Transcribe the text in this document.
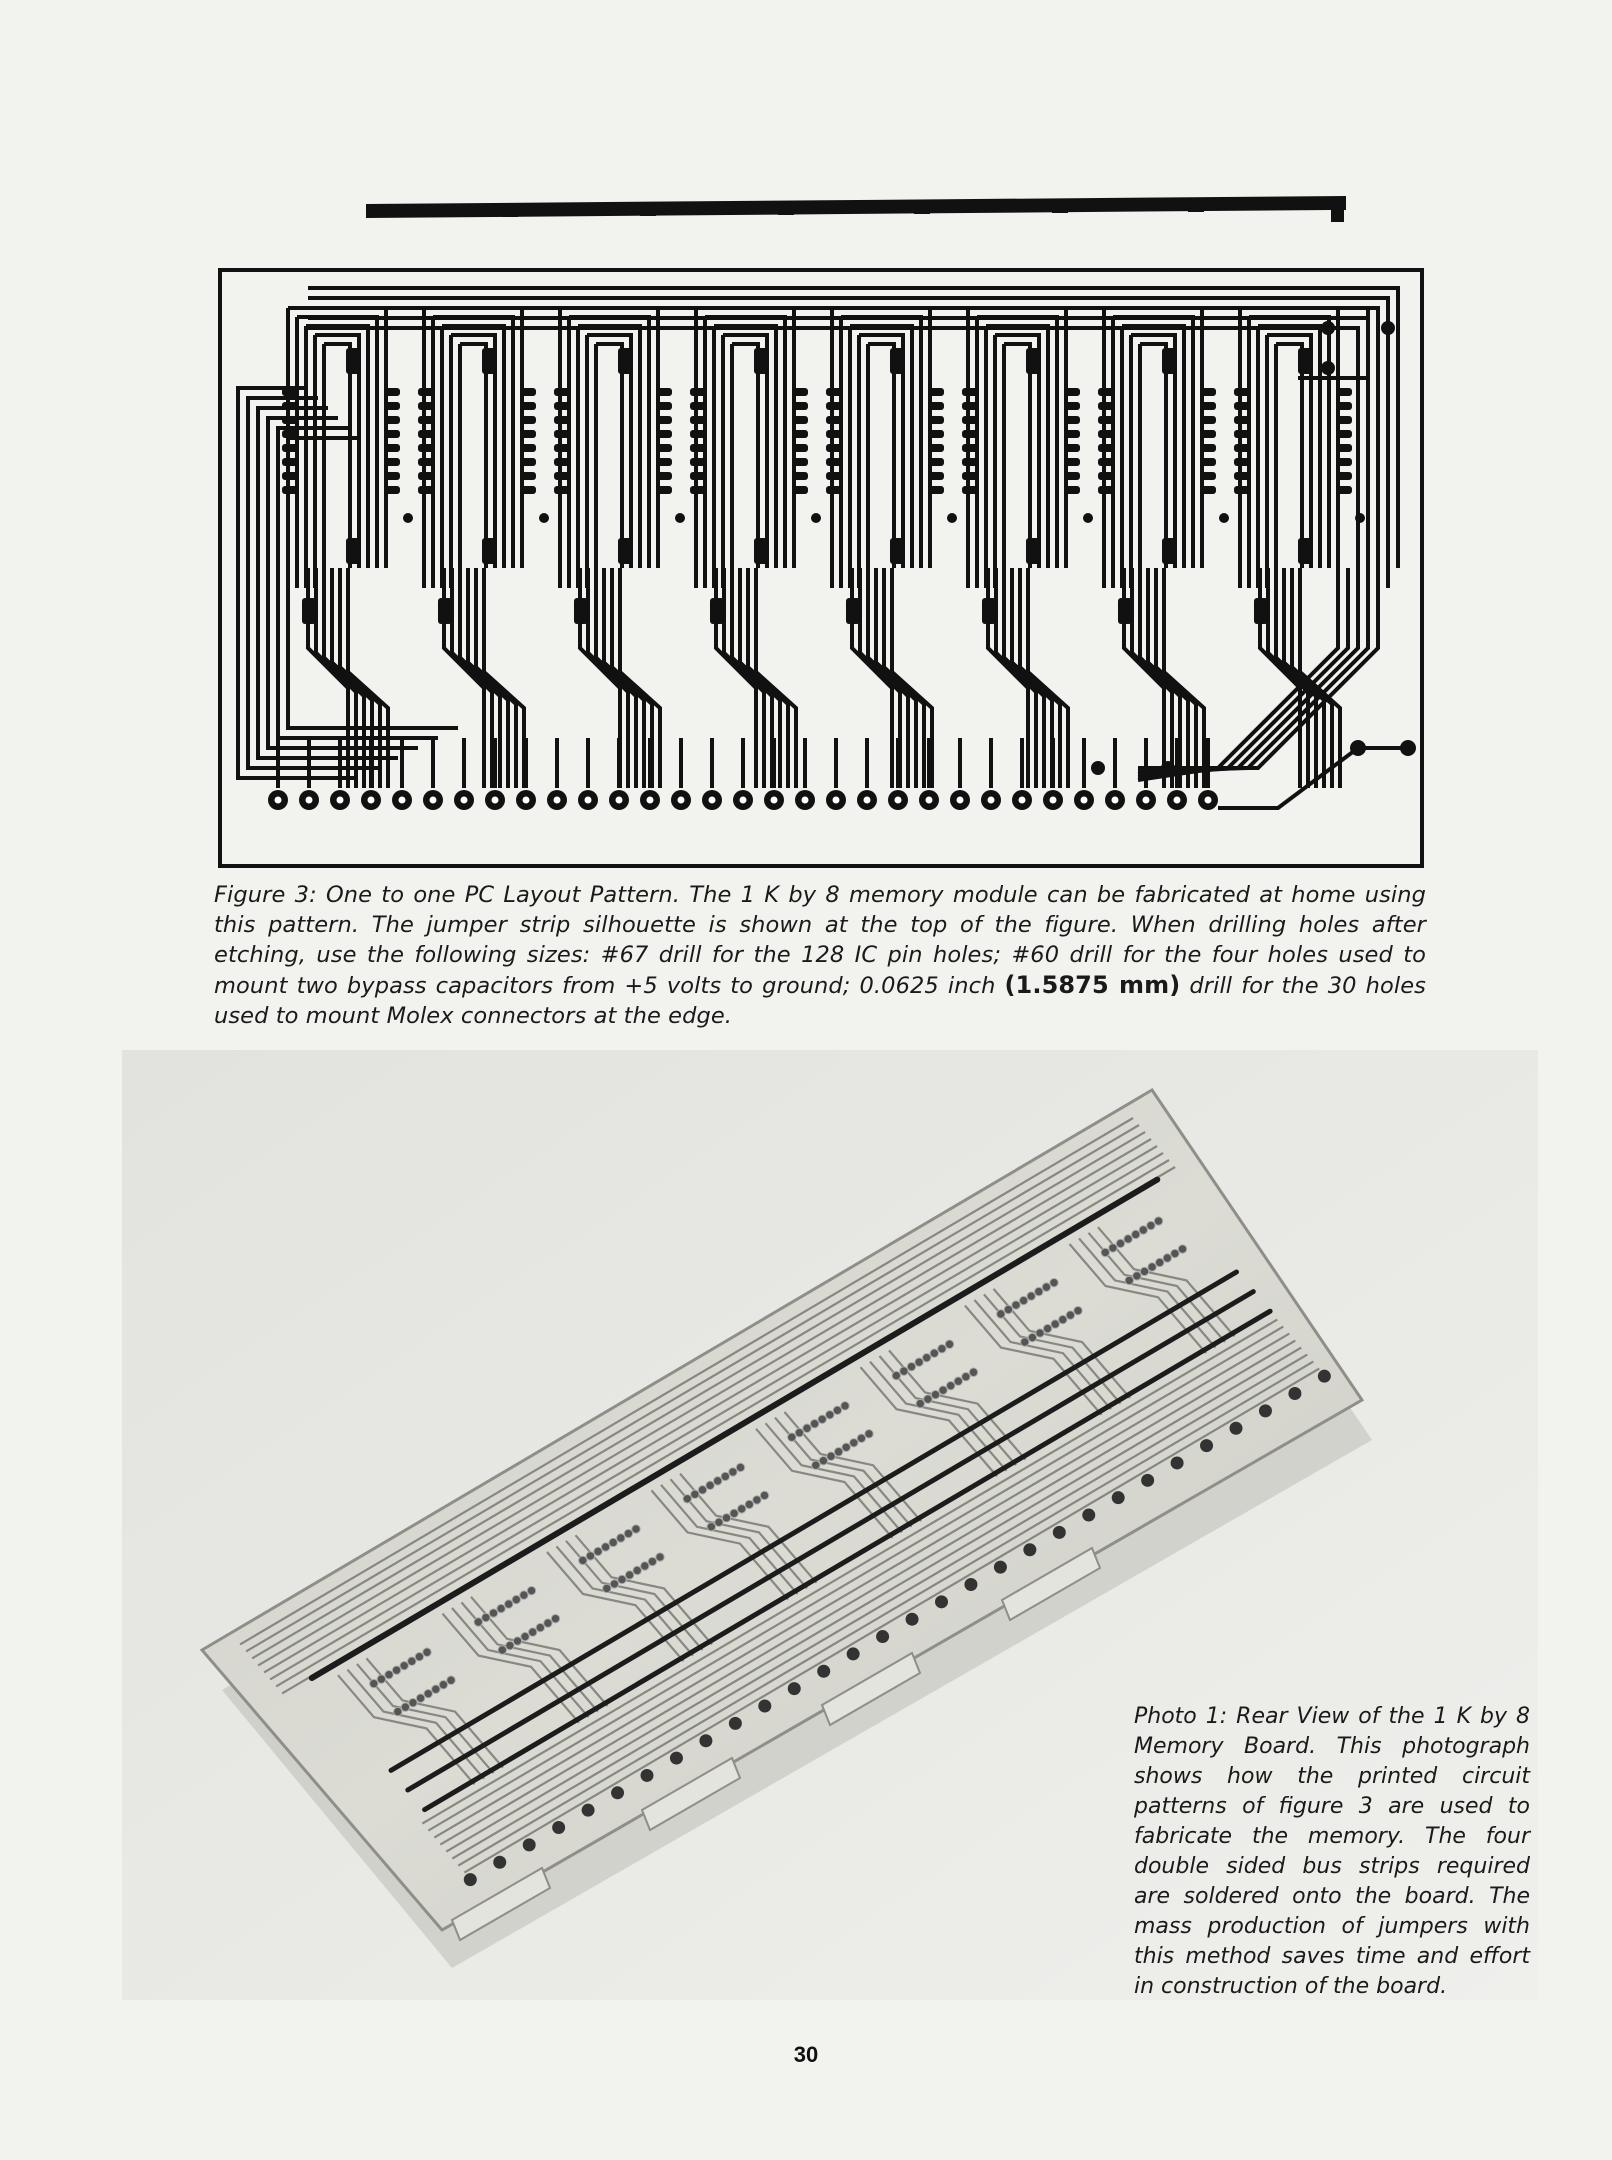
Figure 3: One to one PC Layout Pattern. The 1 K by 8 memory module can be fabricated at home using this pattern. The jumper strip silhouette is shown at the top of the figure. When drilling holes after etching, use the following sizes: #67 drill for the 128 IC pin holes; #60 drill for the four holes used to mount two bypass capacitors from +5 volts to ground; 0.0625 inch (1.5875 mm) drill for the 30 holes used to mount Molex connectors at the edge.
Photo 1: Rear View of the 1 K by 8 Memory Board. This photograph shows how the printed circuit patterns of figure 3 are used to fabricate the memory. The four double sided bus strips required are soldered onto the board. The mass production of jumpers with this method saves time and effort in construction of the board.
30
